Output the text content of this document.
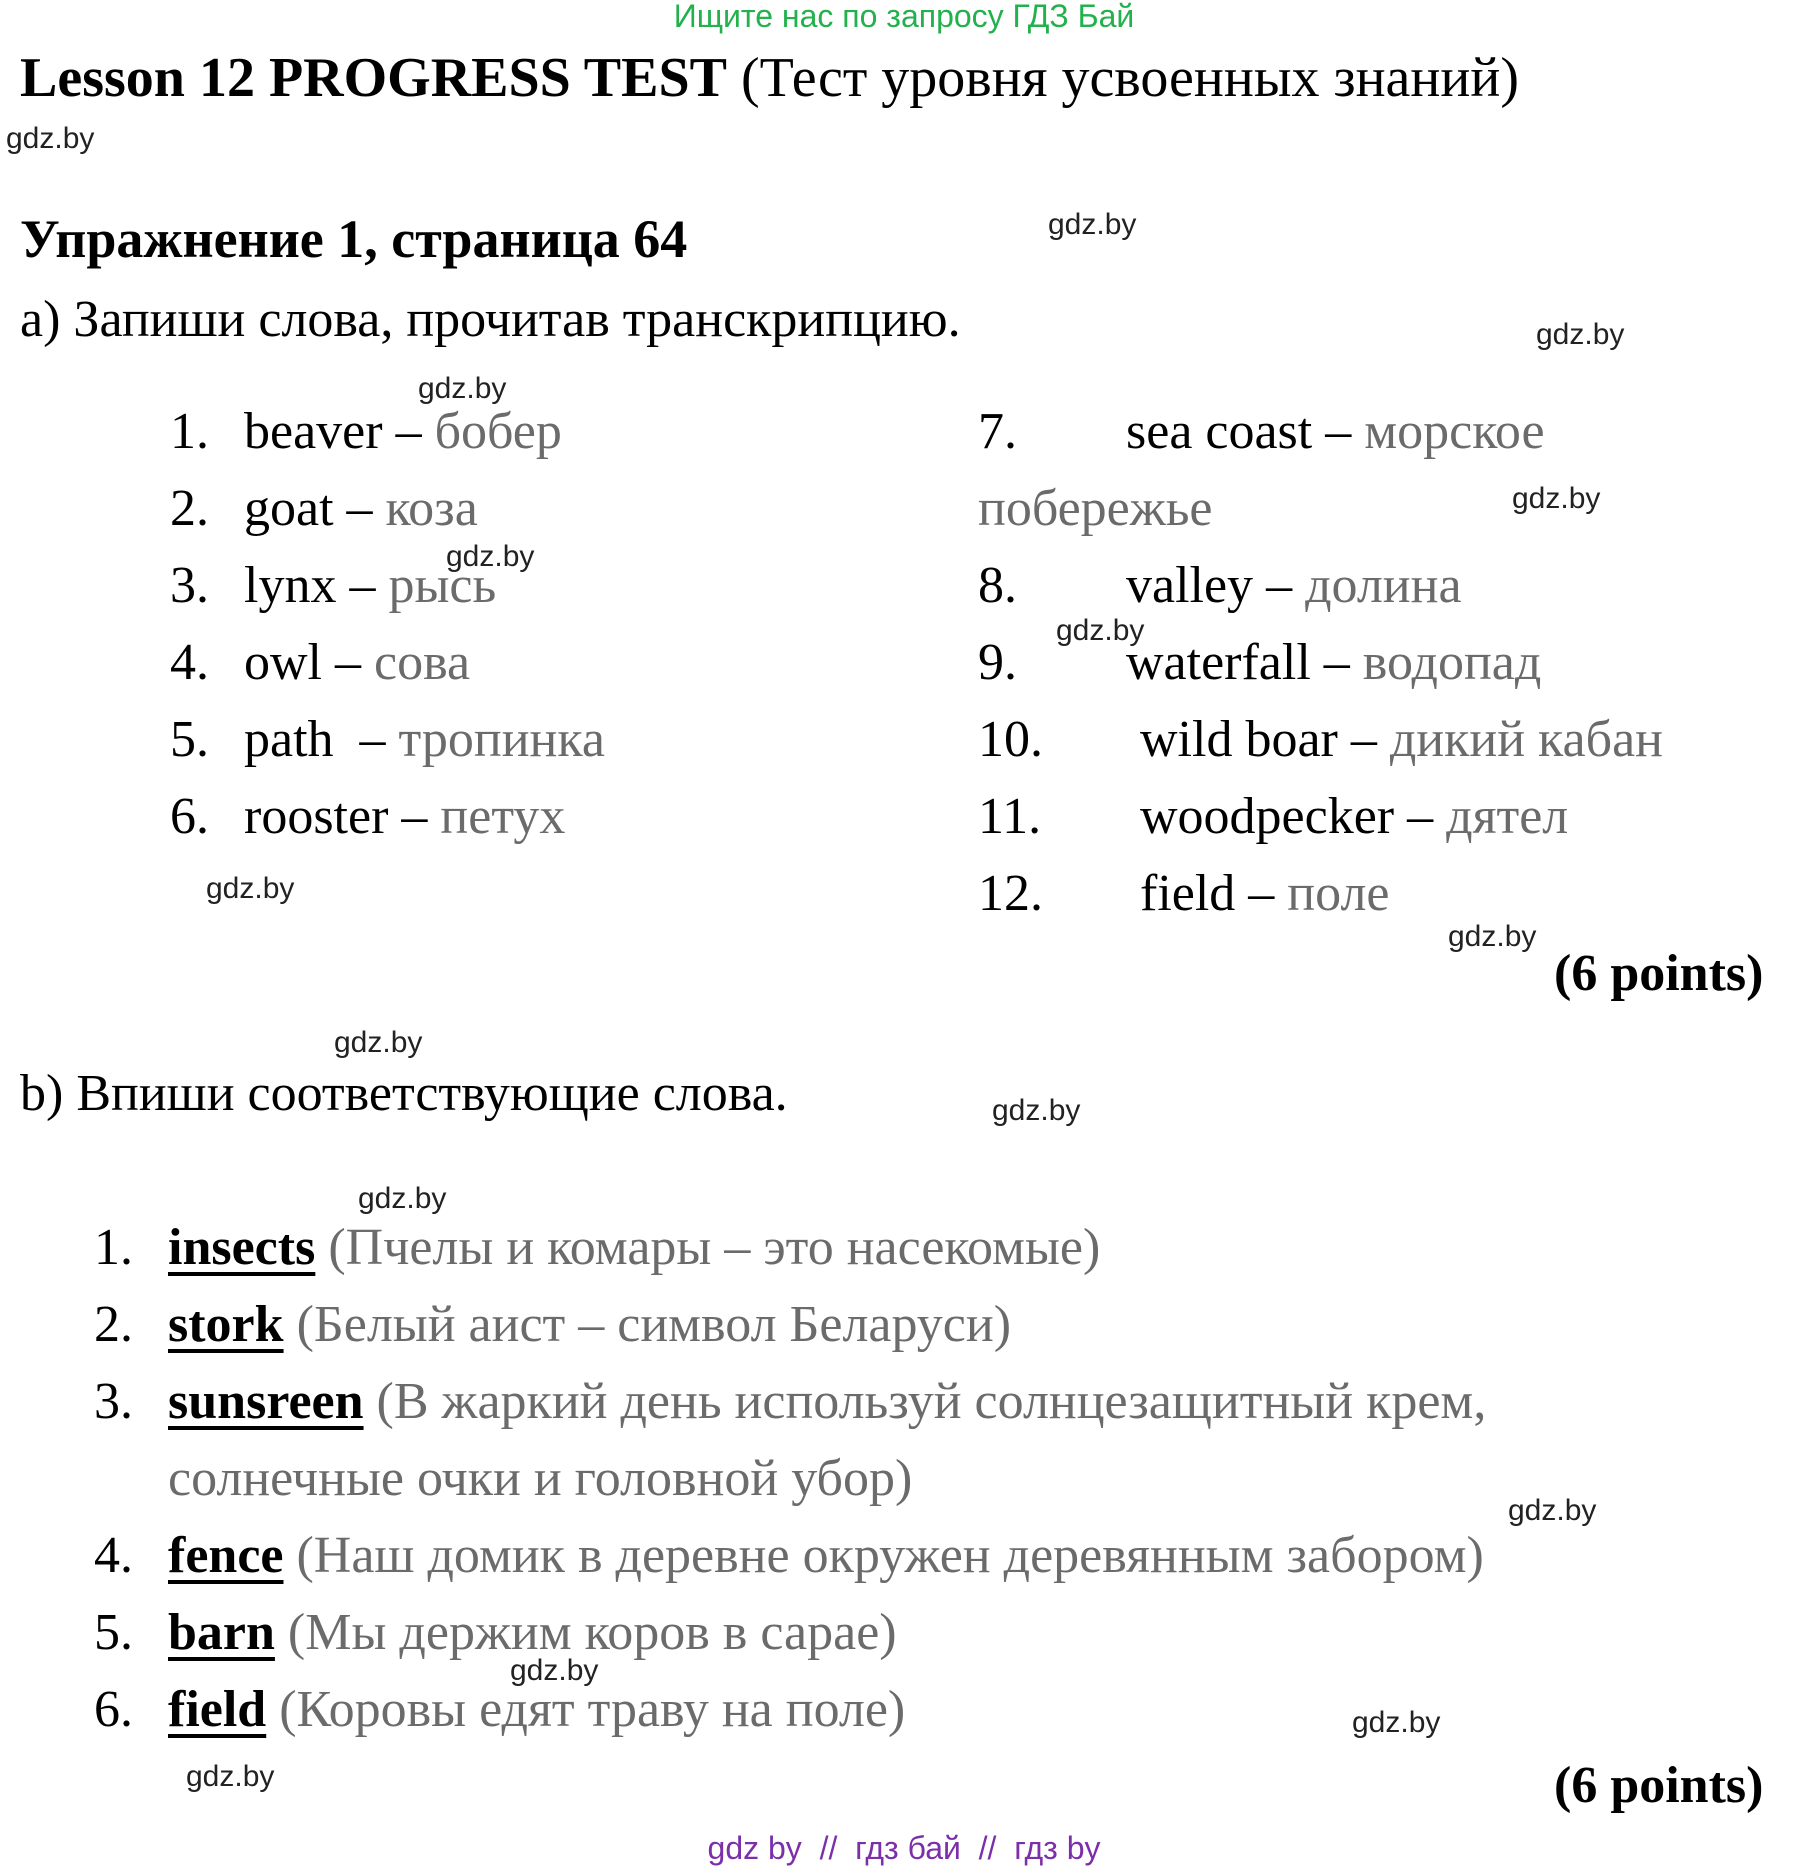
Ищите нас по запросу ГДЗ Бай
Lesson 12 PROGRESS TEST (Тест уровня усвоенных знаний)
Упражнение 1, страница 64
a) Запиши слова, прочитав транскрипцию.
1. beaver – бобер
2. goat – коза
3. lynx – рысь
4. owl – сова
5. path  – тропинка
6. rooster – петух
7. sea coast – морское
побережье
8. valley – долина
9. waterfall – водопад
10. wild boar – дикий кабан
11. woodpecker – дятел
12. field – поле
(6 points)
b) Впиши соответствующие слова.
1. insects (Пчелы и комары – это насекомые)
2. stork (Белый аист – символ Беларуси)
3. sunsreen (В жаркий день используй солнцезащитный крем,
солнечные очки и головной убор)
4. fence (Наш домик в деревне окружен деревянным забором)
5. barn (Мы держим коров в сарае)
6. field (Коровы едят траву на поле)
(6 points)
gdz.by
gdz.by
gdz.by
gdz.by
gdz.by
gdz.by
gdz.by
gdz.by
gdz.by
gdz.by
gdz.by
gdz.by
gdz.by
gdz.by
gdz.by
gdz.by
gdz by  //  гдз бай  //  гдз by
